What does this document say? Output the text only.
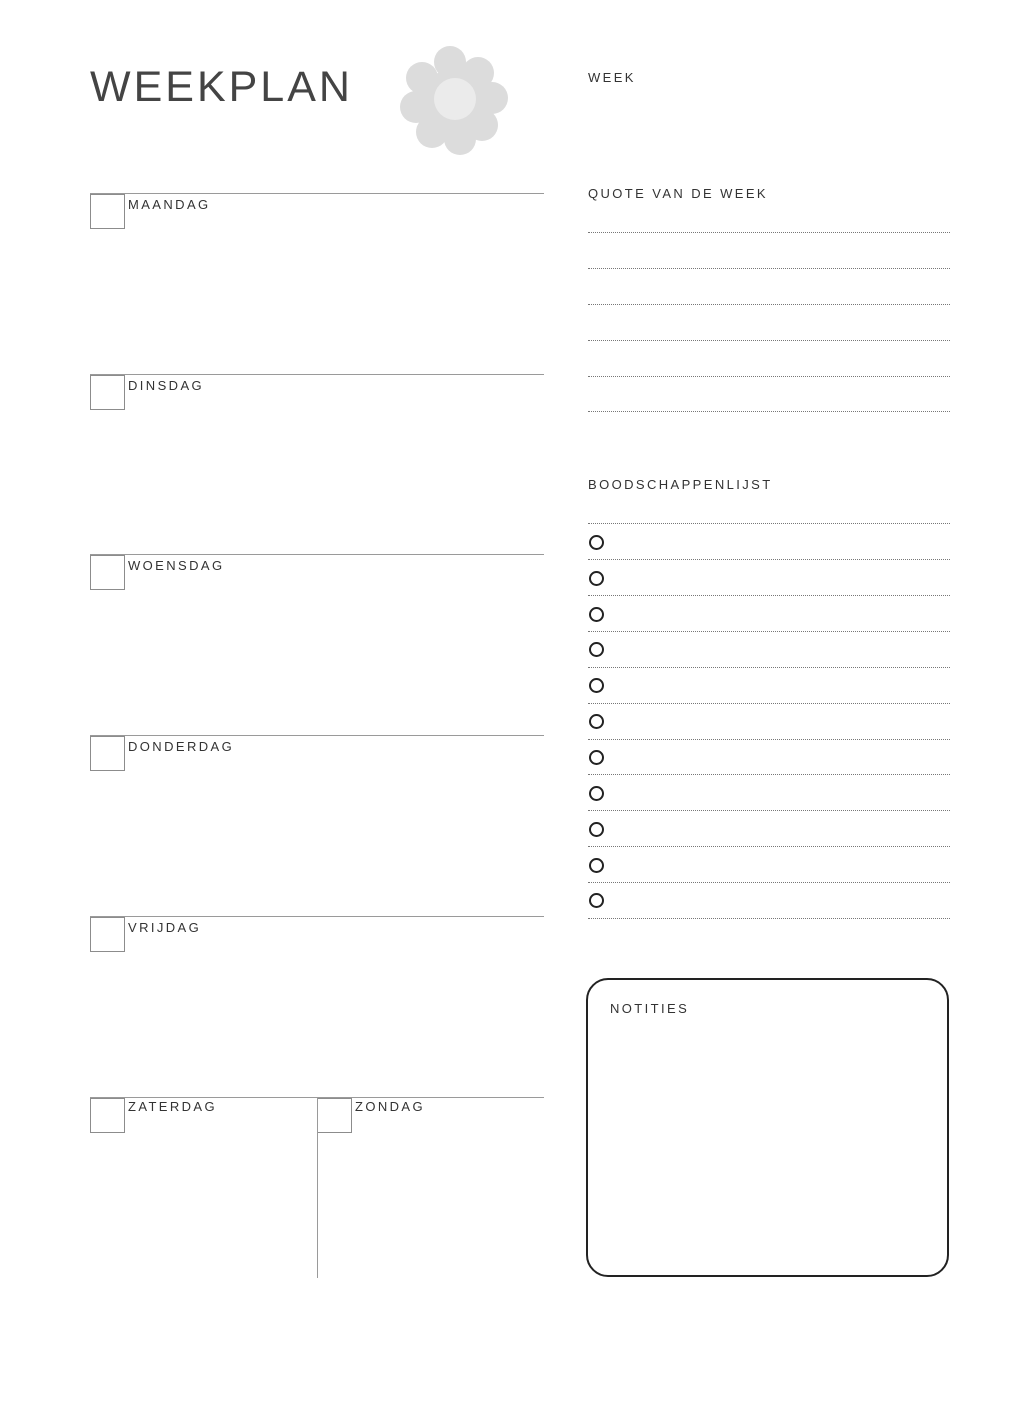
WEEKPLAN
MAANDAG
DINSDAG
WOENSDAG
DONDERDAG
VRIJDAG
ZATERDAG	ZONDAG
WEEK
QUOTE VAN DE WEEK
BOODSCHAPPENLIJST
NOTITIES
